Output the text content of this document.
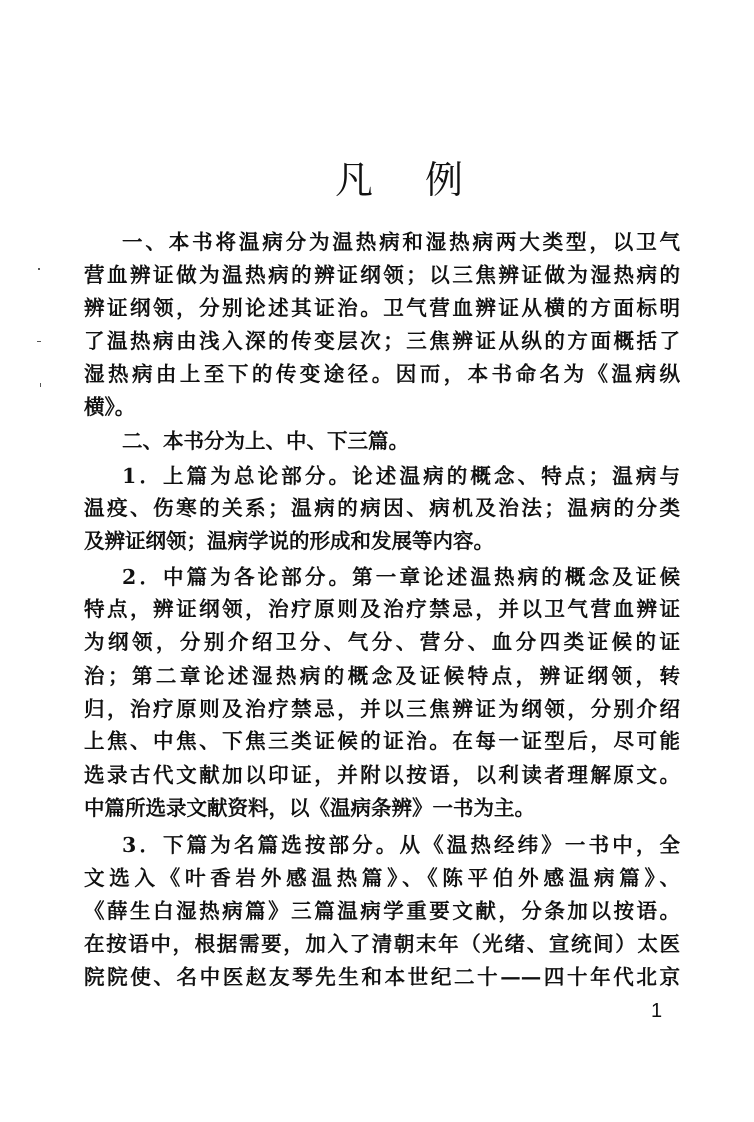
凡 例
一、本书将温病分为温热病和湿热病两大类型，以卫气
营血辨证做为温热病的辨证纲领；以三焦辨证做为湿热病的
辨证纲领，分别论述其证治。卫气营血辨证从横的方面标明
了温热病由浅入深的传变层次；三焦辨证从纵的方面概括了
湿热病由上至下的传变途径。因而，本书命名为《温病纵
横》。
二、本书分为上、中、下三篇。
1．上篇为总论部分。论述温病的概念、特点；温病与
温疫、伤寒的关系；温病的病因、病机及治法；温病的分类
及辨证纲领；温病学说的形成和发展等内容。
2．中篇为各论部分。第一章论述温热病的概念及证候
特点，辨证纲领，治疗原则及治疗禁忌，并以卫气营血辨证
为纲领，分别介绍卫分、气分、营分、血分四类证候的证
治；第二章论述湿热病的概念及证候特点，辨证纲领，转
归，治疗原则及治疗禁忌，并以三焦辨证为纲领，分别介绍
上焦、中焦、下焦三类证候的证治。在每一证型后，尽可能
选录古代文献加以印证，并附以按语，以利读者理解原文。
中篇所选录文献资料，以《温病条辨》一书为主。
3．下篇为名篇选按部分。从《温热经纬》一书中，全
文选入《叶香岩外感温热篇》、《陈平伯外感温病篇》、
《薛生白湿热病篇》三篇温病学重要文献，分条加以按语。
在按语中，根据需要，加入了清朝末年（光绪、宣统间）太医
院院使、名中医赵友琴先生和本世纪二十——四十年代北京
1
